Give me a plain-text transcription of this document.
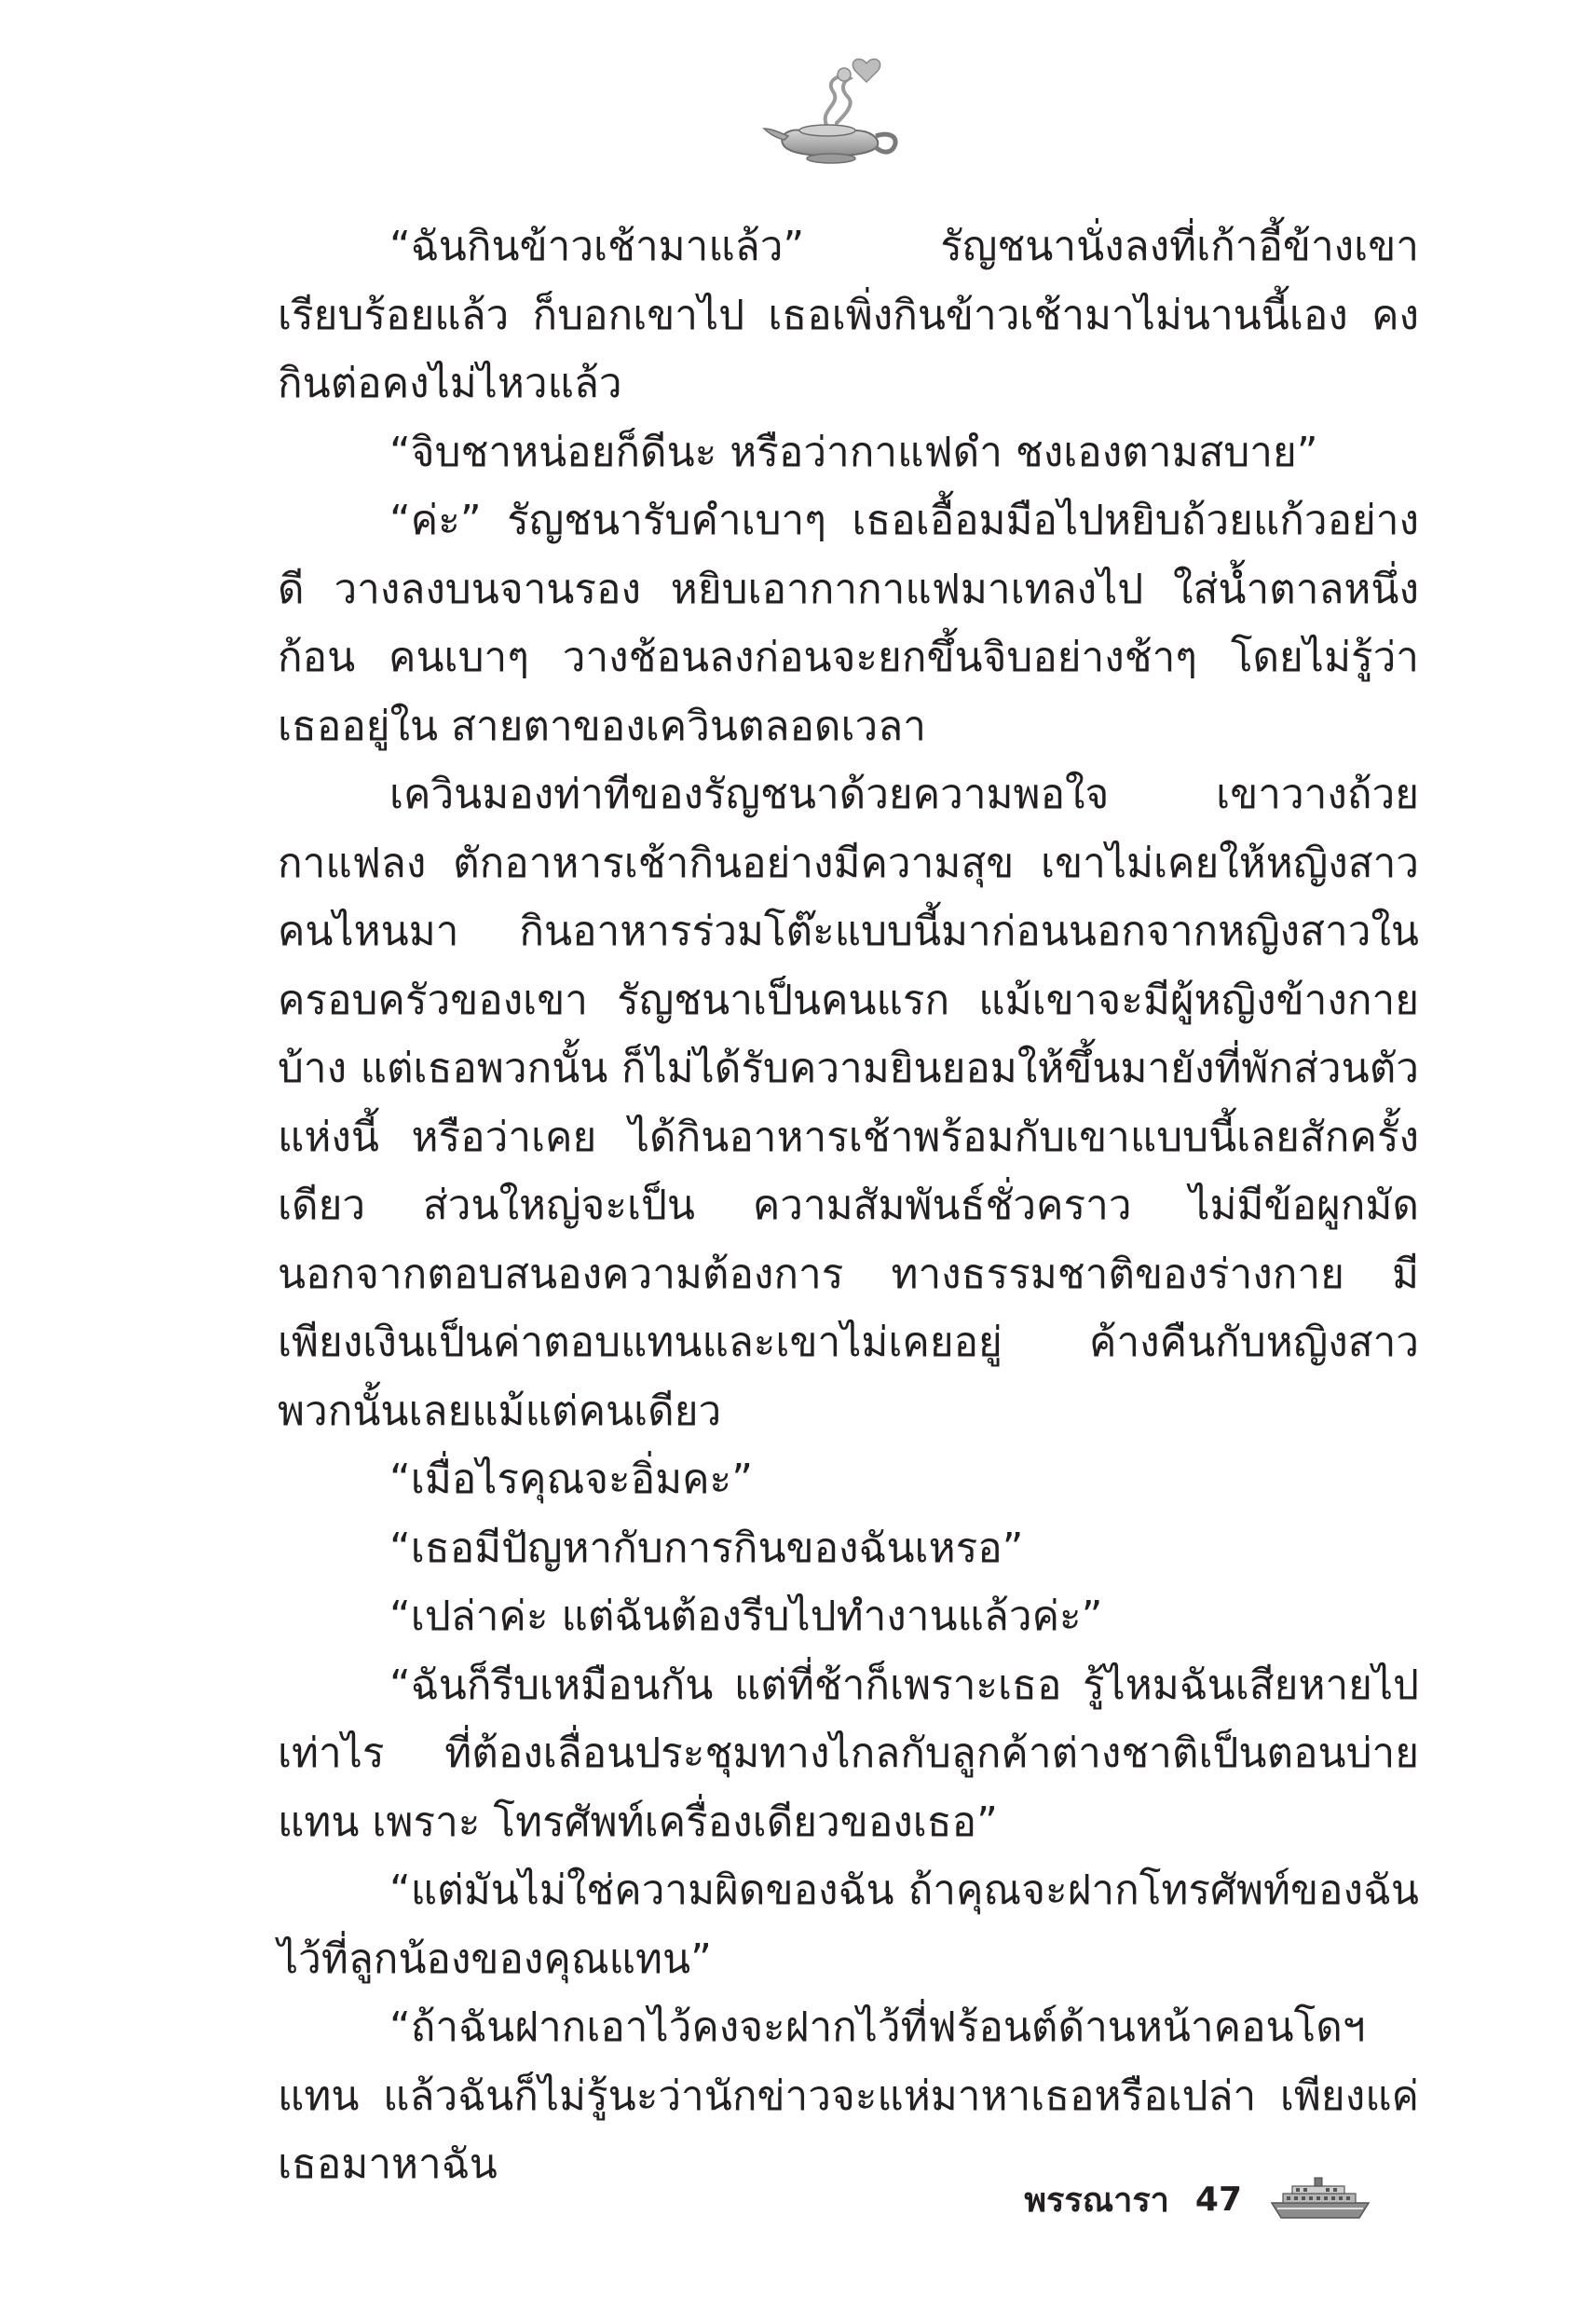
“ฉันกินข้าวเช้ามาแล้ว” รัญชนานั่งลงที่เก้าอี้ข้างเขาเรียบร้อยแล้ว ก็บอกเขาไป เธอเพิ่งกินข้าวเช้ามาไม่นานนี้เอง คงกินต่อคงไม่ไหวแล้ว

“จิบชาหน่อยก็ดีนะ หรือว่ากาแฟดำ ชงเองตามสบาย”

“ค่ะ” รัญชนารับคำเบาๆ เธอเอื้อมมือไปหยิบถ้วยแก้วอย่างดี วางลงบนจานรอง หยิบเอากากาแฟมาเทลงไป ใส่น้ำตาลหนึ่งก้อน คนเบาๆ วางช้อนลงก่อนจะยกขึ้นจิบอย่างช้าๆ โดยไม่รู้ว่าเธออยู่ใน สายตาของเควินตลอดเวลา

เควินมองท่าทีของรัญชนาด้วยความพอใจ เขาวางถ้วยกาแฟลง ตักอาหารเช้ากินอย่างมีความสุข เขาไม่เคยให้หญิงสาวคนไหนมา กินอาหารร่วมโต๊ะแบบนี้มาก่อนนอกจากหญิงสาวในครอบครัวของเขา รัญชนาเป็นคนแรก แม้เขาจะมีผู้หญิงข้างกายบ้าง แต่เธอพวกนั้น ก็ไม่ได้รับความยินยอมให้ขึ้นมายังที่พักส่วนตัวแห่งนี้ หรือว่าเคย ได้กินอาหารเช้าพร้อมกับเขาแบบนี้เลยสักครั้งเดียว ส่วนใหญ่จะเป็น ความสัมพันธ์ชั่วคราว ไม่มีข้อผูกมัด นอกจากตอบสนองความต้องการ ทางธรรมชาติของร่างกาย มีเพียงเงินเป็นค่าตอบแทนและเขาไม่เคยอยู่ ค้างคืนกับหญิงสาวพวกนั้นเลยแม้แต่คนเดียว

“เมื่อไรคุณจะอิ่มคะ”

“เธอมีปัญหากับการกินของฉันเหรอ”

“เปล่าค่ะ แต่ฉันต้องรีบไปทำงานแล้วค่ะ”

“ฉันก็รีบเหมือนกัน แต่ที่ช้าก็เพราะเธอ รู้ไหมฉันเสียหายไปเท่าไร ที่ต้องเลื่อนประชุมทางไกลกับลูกค้าต่างชาติเป็นตอนบ่ายแทน เพราะ โทรศัพท์เครื่องเดียวของเธอ”

“แต่มันไม่ใช่ความผิดของฉัน ถ้าคุณจะฝากโทรศัพท์ของฉัน ไว้ที่ลูกน้องของคุณแทน”

“ถ้าฉันฝากเอาไว้คงจะฝากไว้ที่ฟร้อนต์ด้านหน้าคอนโดฯ แทน แล้วฉันก็ไม่รู้นะว่านักข่าวจะแห่มาหาเธอหรือเปล่า เพียงแค่เธอมาหาฉัน

พรรณารา 47
